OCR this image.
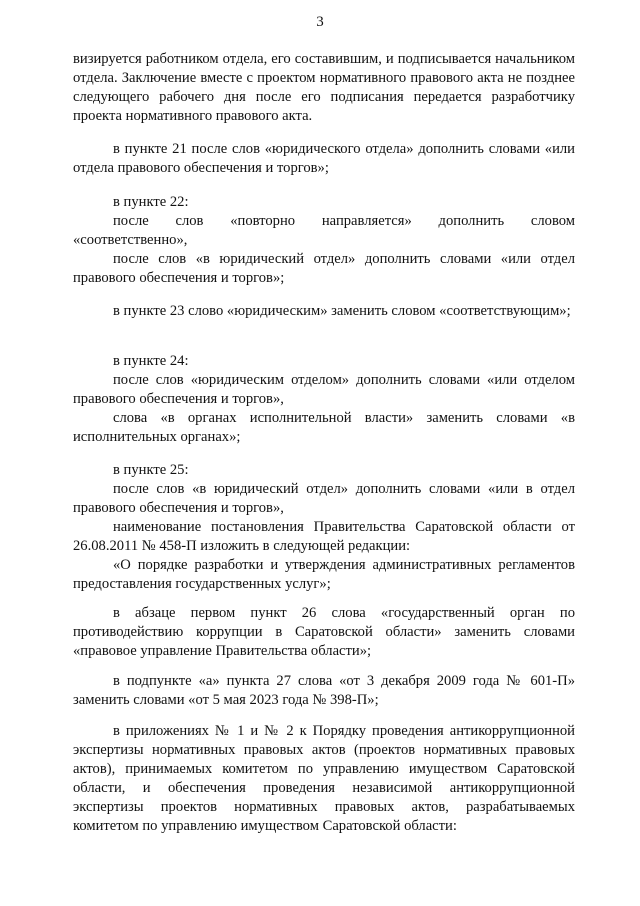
3

визируется работником отдела, его составившим, и подписывается начальником отдела. Заключение вместе с проектом нормативного правового акта не позднее следующего рабочего дня после его подписания передается разработчику проекта нормативного правового акта.

в пункте 21 после слов «юридического отдела» дополнить словами «или отдела правового обеспечения и торгов»;

в пункте 22:

после слов «повторно направляется» дополнить словом «соответственно»,

после слов «в юридический отдел» дополнить словами «или отдел правового обеспечения и торгов»;

в пункте 23 слово «юридическим» заменить словом «соответствующим»;

в пункте 24:

после слов «юридическим отделом» дополнить словами «или отделом правового обеспечения и торгов»,

слова «в органах исполнительной власти» заменить словами «в исполнительных органах»;

в пункте 25:

после слов «в юридический отдел» дополнить словами «или в отдел правового обеспечения и торгов»,

наименование постановления Правительства Саратовской области от 26.08.2011 № 458-П изложить в следующей редакции:

«О порядке разработки и утверждения административных регламентов предоставления государственных услуг»;

в абзаце первом пункт 26 слова «государственный орган по противодействию коррупции в Саратовской области» заменить словами «правовое управление Правительства области»;

в подпункте «а» пункта 27 слова «от 3 декабря 2009 года № 601-П» заменить словами «от 5 мая 2023 года № 398-П»;

в приложениях № 1 и № 2 к Порядку проведения антикоррупционной экспертизы нормативных правовых актов (проектов нормативных правовых актов), принимаемых комитетом по управлению имуществом Саратовской области, и обеспечения проведения независимой антикоррупционной экспертизы проектов нормативных правовых актов, разрабатываемых комитетом по управлению имуществом Саратовской области:
